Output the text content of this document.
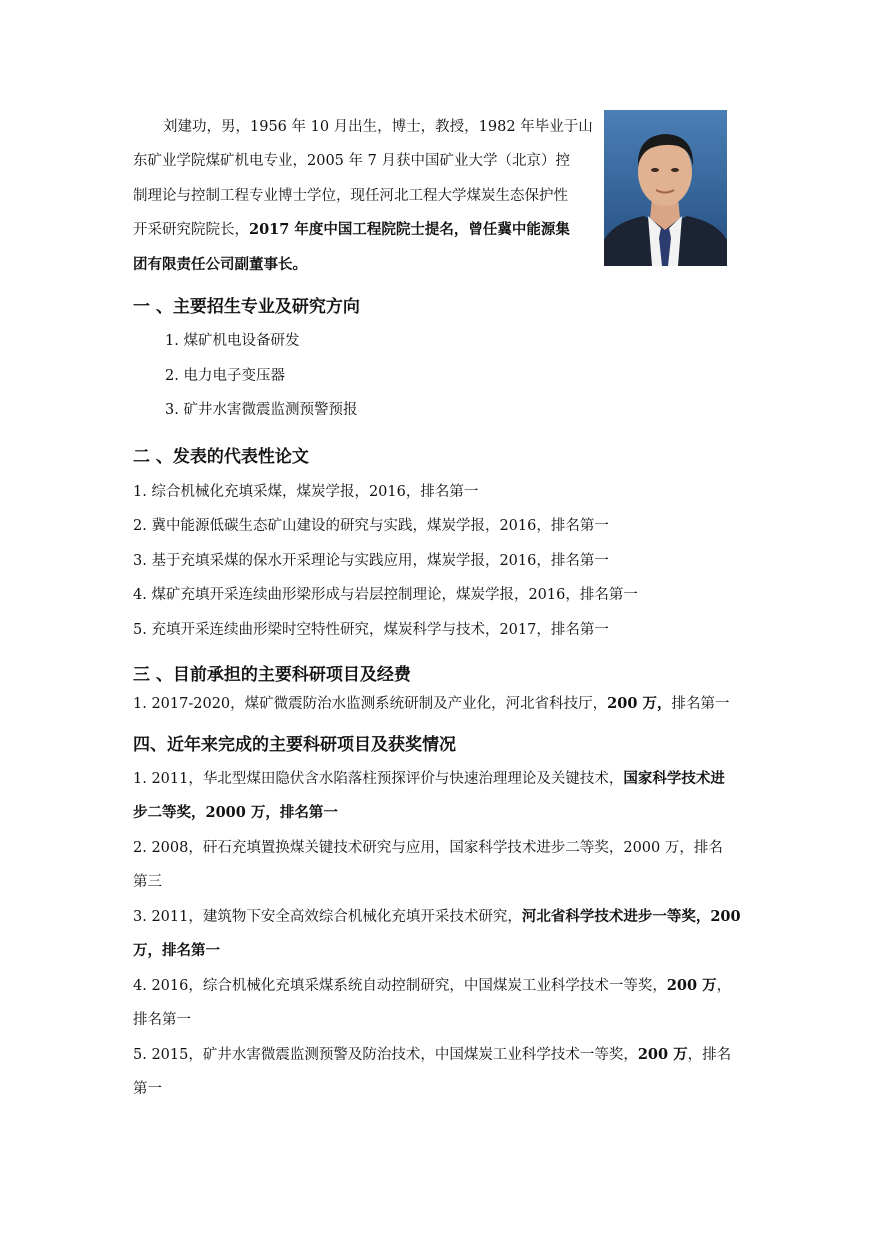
刘建功，男，1956 年 10 月出生，博士，教授，1982 年毕业于山
东矿业学院煤矿机电专业，2005 年 7 月获中国矿业大学（北京）控
制理论与控制工程专业博士学位，现任河北工程大学煤炭生态保护性
开采研究院院长，2017 年度中国工程院院士提名，曾任冀中能源集
团有限责任公司副董事长。
一 、主要招生专业及研究方向
1. 煤矿机电设备研发
2. 电力电子变压器
3. 矿井水害微震监测预警预报
二 、发表的代表性论文
1. 综合机械化充填采煤，煤炭学报，2016，排名第一
2. 冀中能源低碳生态矿山建设的研究与实践，煤炭学报，2016，排名第一
3. 基于充填采煤的保水开采理论与实践应用，煤炭学报，2016，排名第一
4. 煤矿充填开采连续曲形梁形成与岩层控制理论，煤炭学报，2016，排名第一
5. 充填开采连续曲形梁时空特性研究，煤炭科学与技术，2017，排名第一
三 、目前承担的主要科研项目及经费
1. 2017-2020，煤矿微震防治水监测系统研制及产业化，河北省科技厅，200 万，排名第一
四、近年来完成的主要科研项目及获奖情况
1. 2011，华北型煤田隐伏含水陷落柱预探评价与快速治理理论及关键技术，国家科学技术进
步二等奖，2000 万，排名第一
2. 2008，矸石充填置换煤关键技术研究与应用，国家科学技术进步二等奖，2000 万，排名
第三
3. 2011，建筑物下安全高效综合机械化充填开采技术研究，河北省科学技术进步一等奖，200
万，排名第一
4. 2016，综合机械化充填采煤系统自动控制研究，中国煤炭工业科学技术一等奖，200 万，
排名第一
5. 2015，矿井水害微震监测预警及防治技术，中国煤炭工业科学技术一等奖，200 万，排名
第一
